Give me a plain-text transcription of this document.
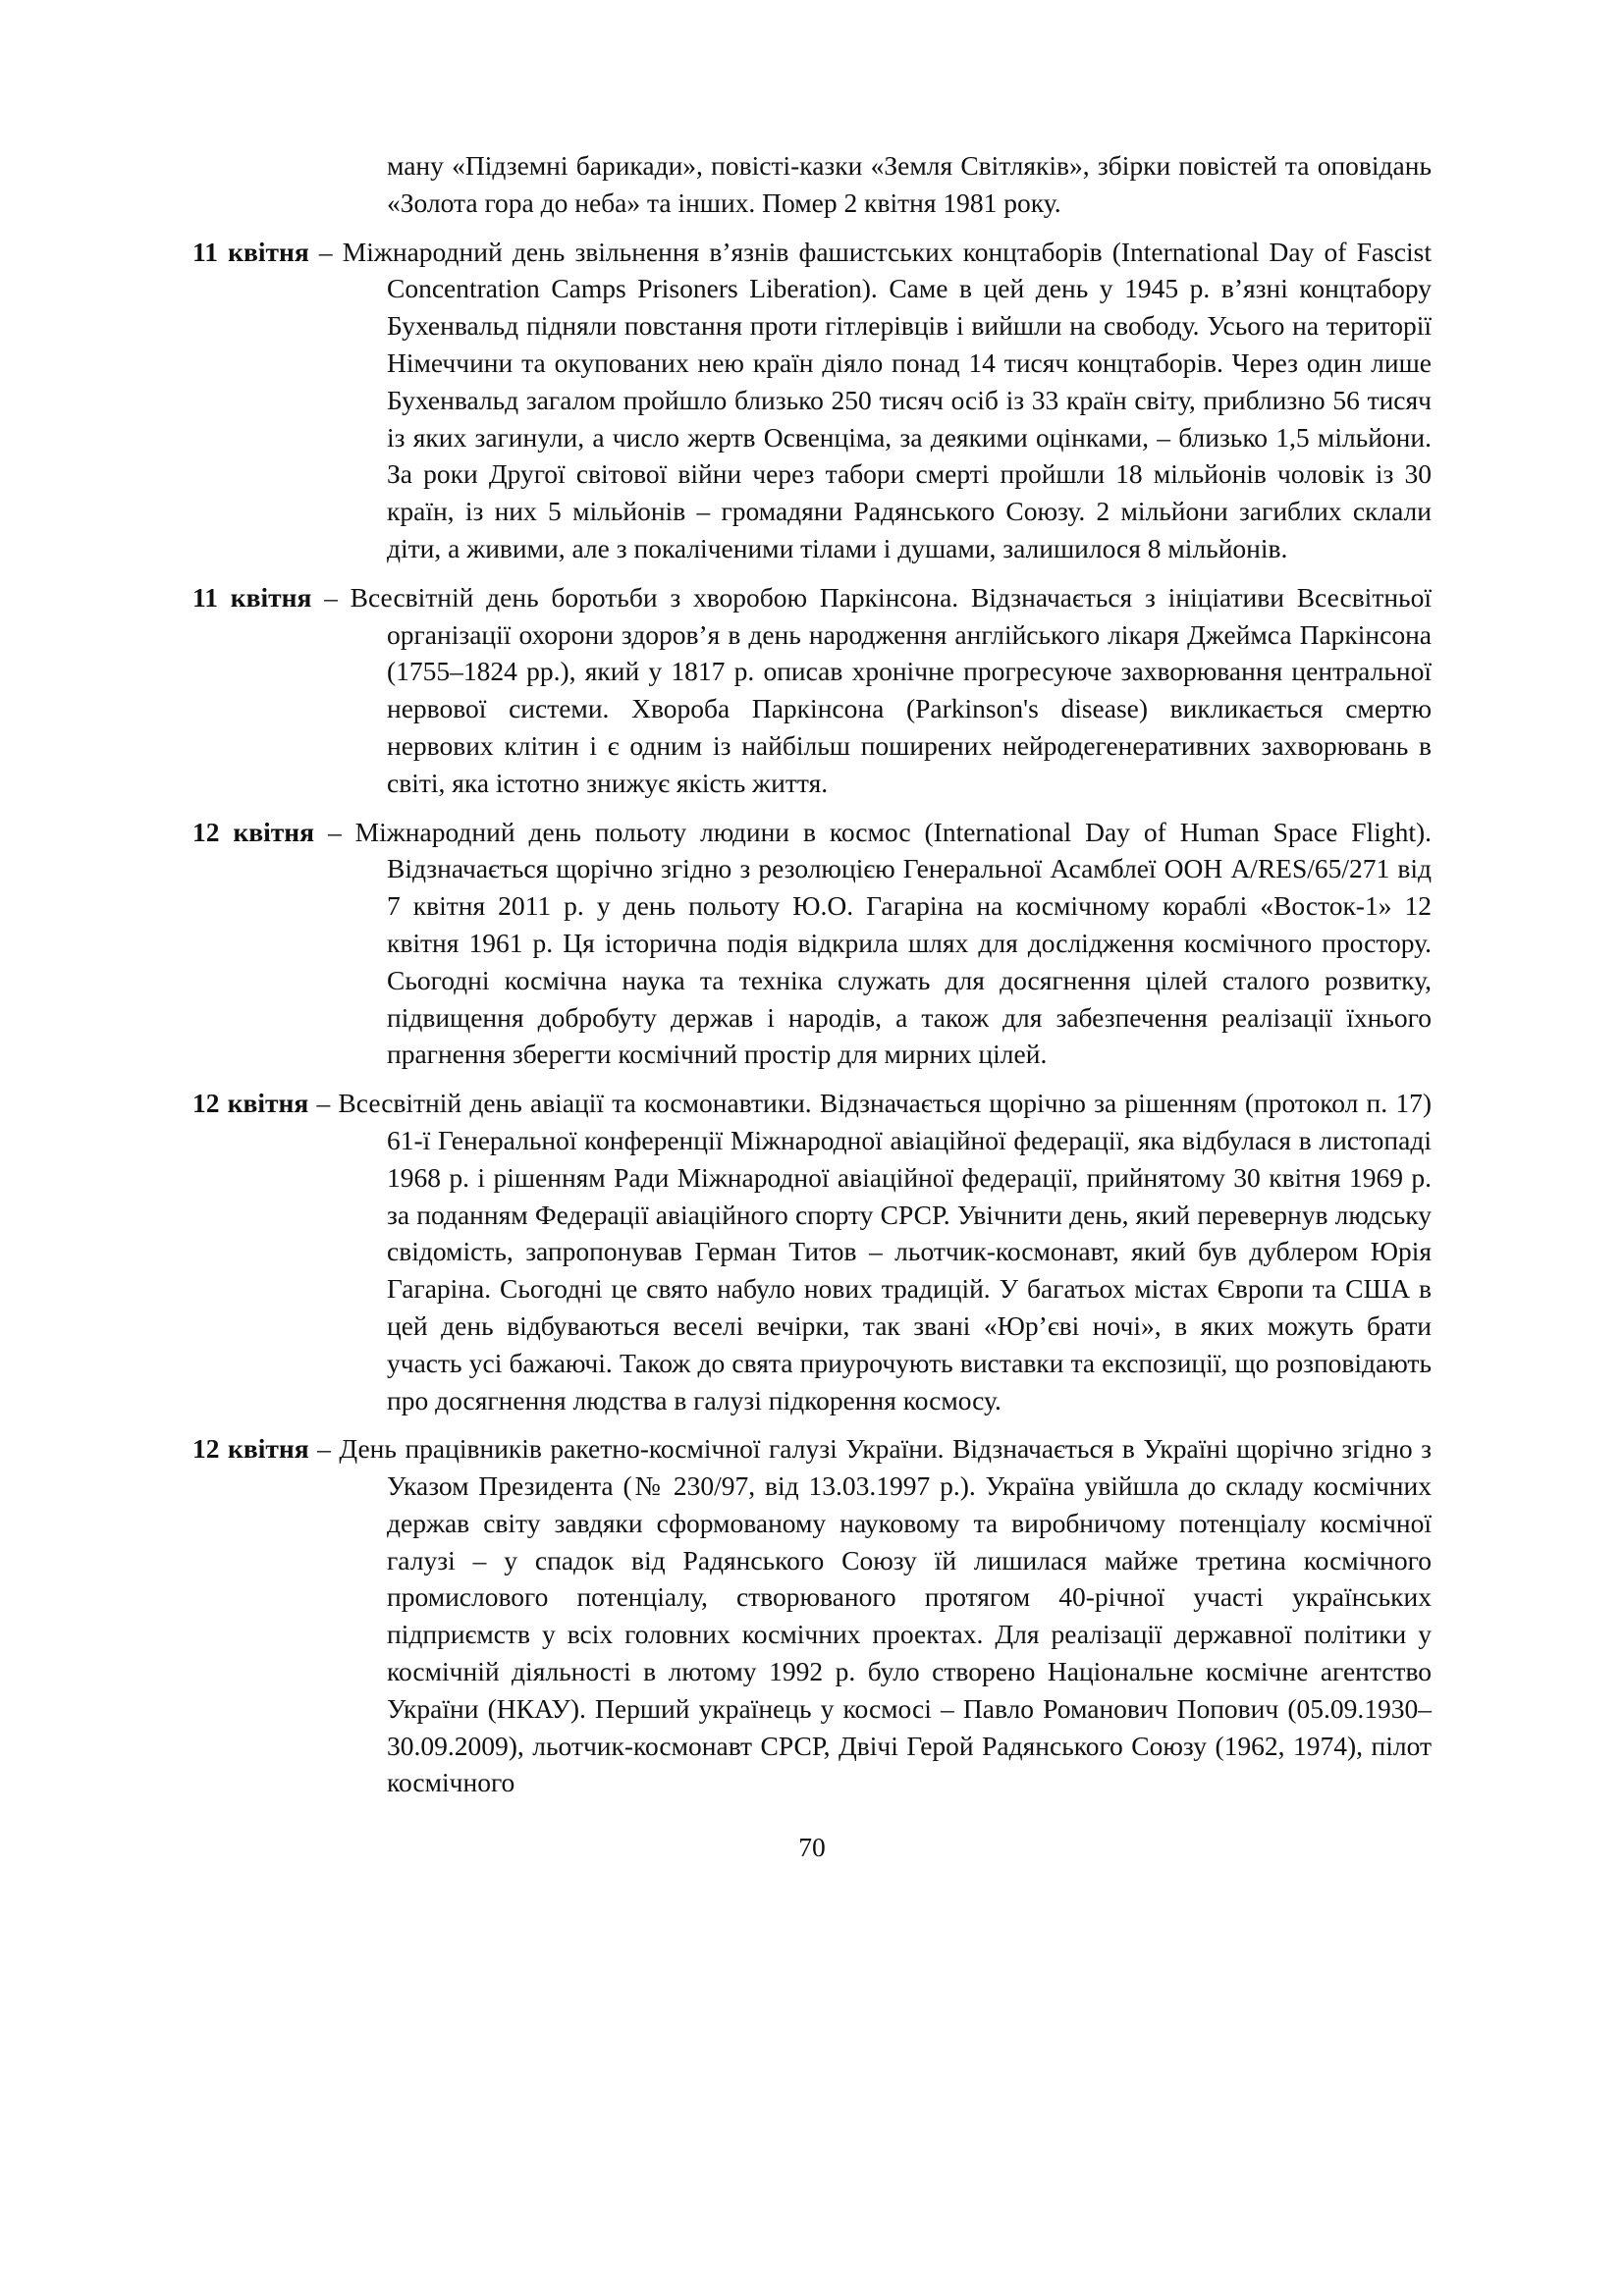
ману «Підземні барикади», повісті-казки «Земля Світляків», збірки повістей та оповідань «Золота гора до неба» та інших. Помер 2 квітня 1981 року.

11 квітня – Міжнародний день звільнення в’язнів фашистських концтаборів (International Day of Fascist Concentration Camps Prisoners Liberation). Саме в цей день у 1945 р. в’язні концтабору Бухенвальд підняли повстання проти гітлерівців і вийшли на свободу. Усього на території Німеччини та окупованих нею країн діяло понад 14 тисяч концтаборів. Через один лише Бухенвальд загалом пройшло близько 250 тисяч осіб із 33 країн світу, приблизно 56 тисяч із яких загинули, а число жертв Освенціма, за деякими оцінками, – близько 1,5 мільйони. За роки Другої світової війни через табори смерті пройшли 18 мільйонів чоловік із 30 країн, із них 5 мільйонів – громадяни Радянського Союзу. 2 мільйони загиблих склали діти, а живими, але з покаліченими тілами і душами, залишилося 8 мільйонів.

11 квітня – Всесвітній день боротьби з хворобою Паркінсона. Відзначається з ініціативи Всесвітньої організації охорони здоров’я в день народження англійського лікаря Джеймса Паркінсона (1755–1824 рр.), який у 1817 р. описав хронічне прогресуюче захворювання центральної нервової системи. Хвороба Паркінсона (Parkinson's disease) викликається смертю нервових клітин і є одним із найбільш поширених нейродегенеративних захворювань в світі, яка істотно знижує якість життя.

12 квітня – Міжнародний день польоту людини в космос (International Day of Human Space Flight). Відзначається щорічно згідно з резолюцією Генеральної Асамблеї ООН A/RES/65/271 від 7 квітня 2011 р. у день польоту Ю.О. Гагаріна на космічному кораблі «Восток-1» 12 квітня 1961 р. Ця історична подія відкрила шлях для дослідження космічного простору. Сьогодні космічна наука та техніка служать для досягнення цілей сталого розвитку, підвищення добробуту держав і народів, а також для забезпечення реалізації їхнього прагнення зберегти космічний простір для мирних цілей.

12 квітня – Всесвітній день авіації та космонавтики. Відзначається щорічно за рішенням (протокол п. 17) 61-ї Генеральної конференції Міжнародної авіаційної федерації, яка відбулася в листопаді 1968 р. і рішенням Ради Міжнародної авіаційної федерації, прийнятому 30 квітня 1969 р. за поданням Федерації авіаційного спорту СРСР. Увічнити день, який перевернув людську свідомість, запропонував Герман Титов – льотчик-космонавт, який був дублером Юрія Гагаріна. Сьогодні це свято набуло нових традицій. У багатьох містах Європи та США в цей день відбуваються веселі вечірки, так звані «Юр’єві ночі», в яких можуть брати участь усі бажаючі. Також до свята приурочують виставки та експозиції, що розповідають про досягнення людства в галузі підкорення космосу.

12 квітня – День працівників ракетно-космічної галузі України. Відзначається в Україні щорічно згідно з Указом Президента (№ 230/97, від 13.03.1997 р.). Україна увійшла до складу космічних держав світу завдяки сформованому науковому та виробничому потенціалу космічної галузі – у спадок від Радянського Союзу їй лишилася майже третина космічного промислового потенціалу, створюваного протягом 40-річної участі українських підприємств у всіх головних космічних проектах. Для реалізації державної політики у космічній діяльності в лютому 1992 р. було створено Національне космічне агентство України (НКАУ). Перший українець у космосі – Павло Романович Попович (05.09.1930–30.09.2009), льотчик-космонавт СРСР, Двічі Герой Радянського Союзу (1962, 1974), пілот космічного

70
